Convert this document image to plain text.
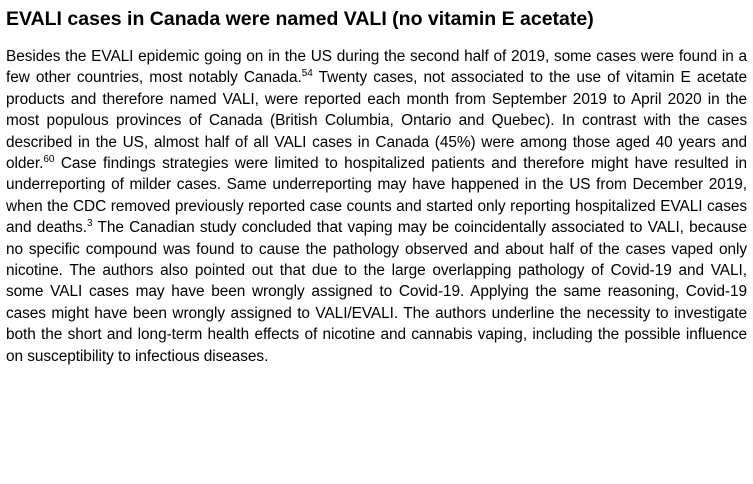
EVALI cases in Canada were named VALI (no vitamin E acetate)

Besides the EVALI epidemic going on in the US during the second half of 2019, some cases were found in a few other countries, most notably Canada.$^{54}$ Twenty cases, not associated to the use of vitamin E acetate products and therefore named VALI, were reported each month from September 2019 to April 2020 in the most populous provinces of Canada (British Columbia, Ontario and Quebec). In contrast with the cases described in the US, almost half of all VALI cases in Canada (45%) were among those aged 40 years and older.$^{60}$ Case findings strategies were limited to hospitalized patients and therefore might have resulted in underreporting of milder cases. Same underreporting may have happened in the US from December 2019, when the CDC removed previously reported case counts and started only reporting hospitalized EVALI cases and deaths.$^3$ The Canadian study concluded that vaping may be coincidentally associated to VALI, because no specific compound was found to cause the pathology observed and about half of the cases vaped only nicotine. The authors also pointed out that due to the large overlapping pathology of Covid-19 and VALI, some VALI cases may have been wrongly assigned to Covid-19. Applying the same reasoning, Covid-19 cases might have been wrongly assigned to VALI/EVALI. The authors underline the necessity to investigate both the short and long-term health effects of nicotine and cannabis vaping, including the possible influence on susceptibility to infectious diseases.
